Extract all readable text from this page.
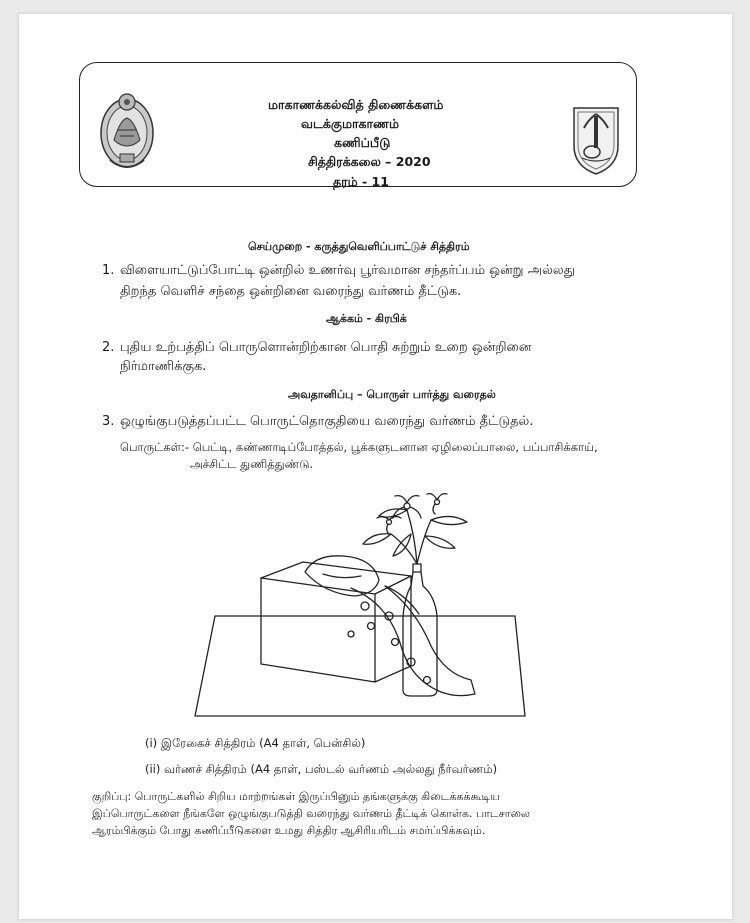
மாகாணக்கல்வித் திணைக்களம்
வடக்குமாகாணம்
கணிப்பீடு
சித்திரக்கலை – 2020
தரம் - 11
செய்முறை - கருத்துவெளிப்பாட்டுச் சித்திரம்
1. விளையாட்டுப்போட்டி ஒன்றில் உணர்வு பூர்வமான சந்தர்ப்பம் ஒன்று அல்லது
திறந்த வெளிச் சந்தை ஒன்றினை வரைந்து வர்ணம் தீட்டுக.
ஆக்கம் - கிரபிக்
2. புதிய உற்பத்திப் பொருளொன்றிற்கான பொதி சுற்றும் உறை ஒன்றினை
நிர்மாணிக்குக.
அவதானிப்பு – பொருள் பார்த்து வரைதல்
3. ஒழுங்குபடுத்தப்பட்ட பொருட்தொகுதியை வரைந்து வர்ணம் தீட்டுதல்.
பொருட்கள்:- பெட்டி, கண்ணாடிப்போத்தல், பூக்களுடனான ஏழிலைப்பாலை, பப்பாசிக்காய்,
அச்சிட்ட துணித்துண்டு.
(i) இரேகைச் சித்திரம் (A4 தாள், பென்சில்)
(ii) வர்ணச் சித்திரம் (A4 தாள், பஸ்டல் வர்ணம் அல்லது நீர்வர்ணம்)
குறிப்பு: பொருட்களில் சிறிய மாற்றங்கள் இருப்பினும் தங்களுக்கு கிடைக்கக்கூடிய
இப்பொருட்களை நீங்களே ஒழுங்குபடுத்தி வரைந்து வர்ணம் தீட்டிக் கொள்க. பாடசாலை
ஆரம்பிக்கும் போது கணிப்பீடுகளை உமது சித்திர ஆசிரியரிடம் சமர்ப்பிக்கவும்.
